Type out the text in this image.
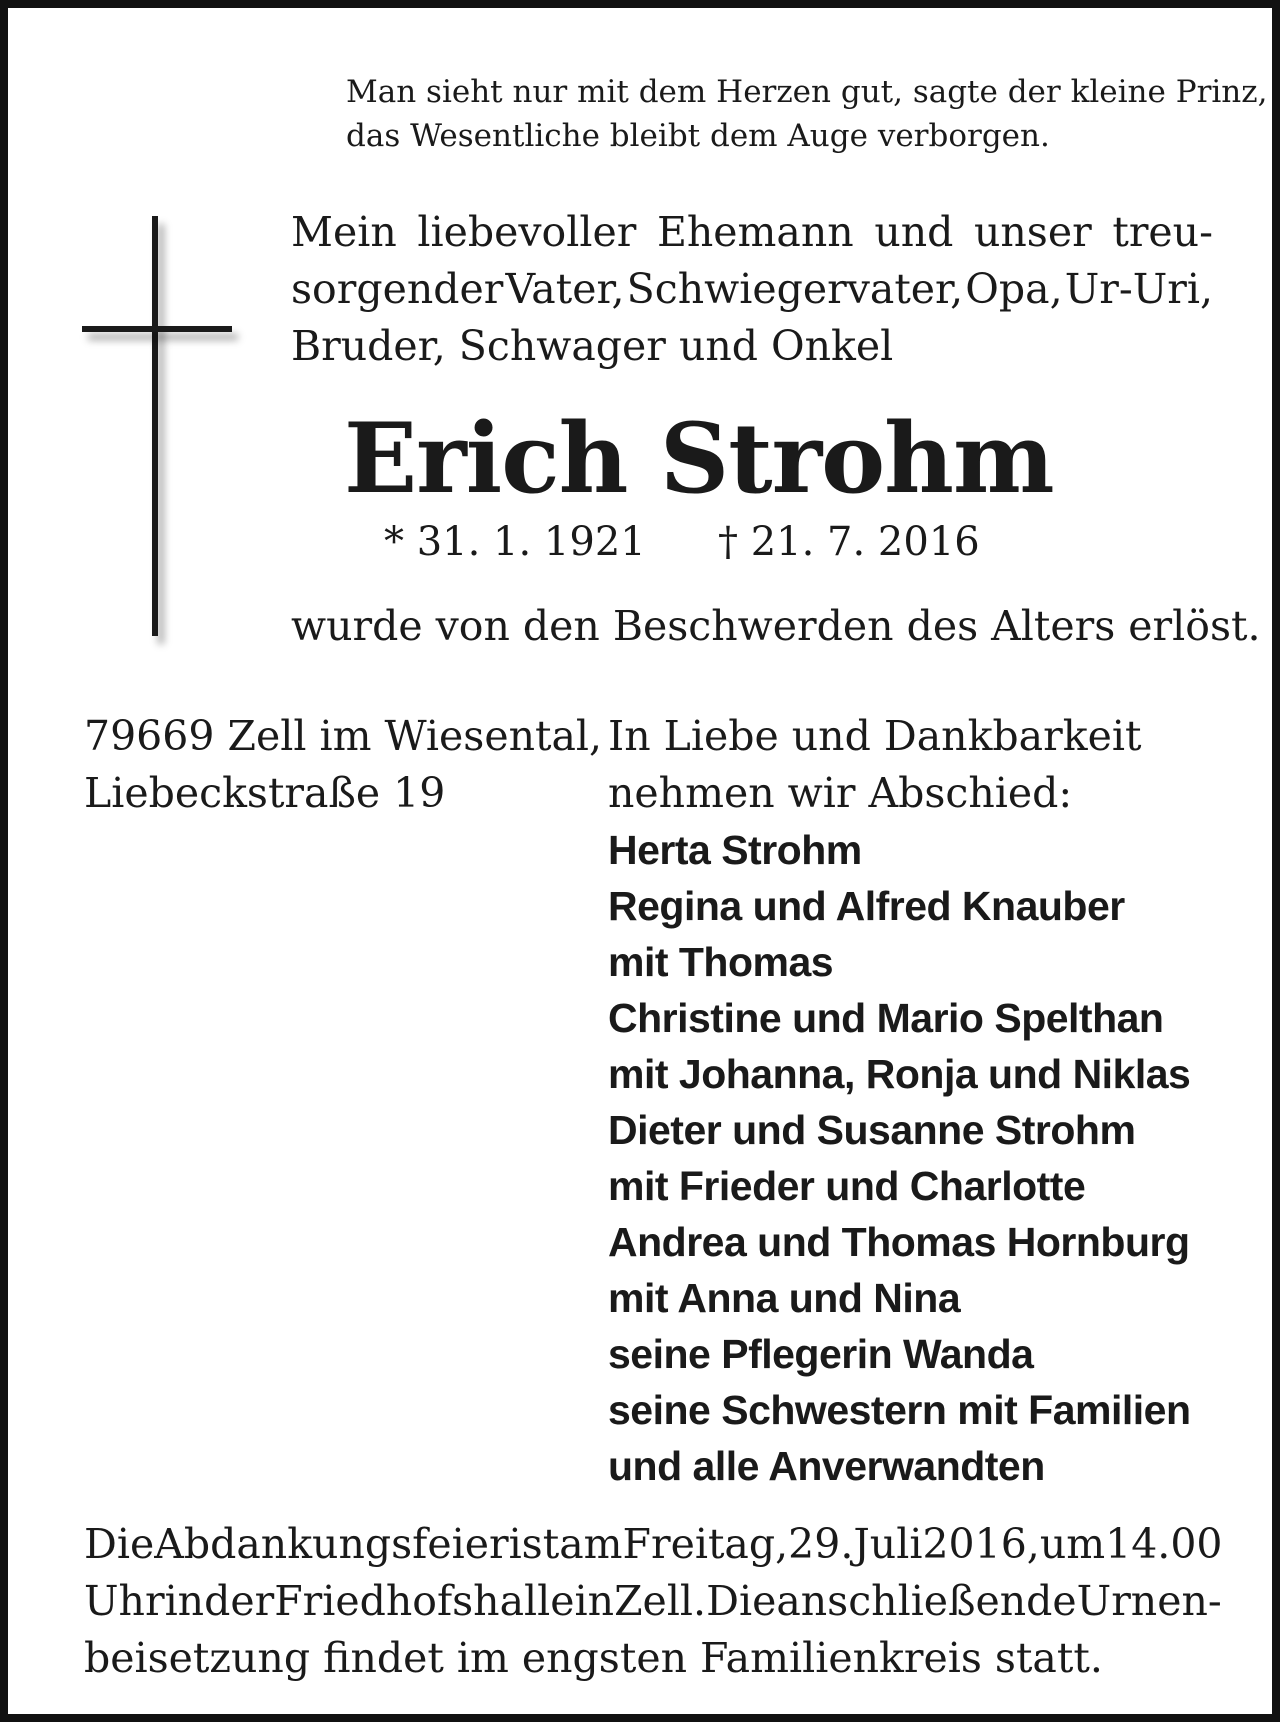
Man sieht nur mit dem Herzen gut, sagte der kleine Prinz,
das Wesentliche bleibt dem Auge verborgen.
Mein liebevoller Ehemann und unser treu-
sorgender Vater, Schwiegervater, Opa, Ur-Uri,
Bruder, Schwager und Onkel
Erich Strohm
* 31. 1. 1921 † 21. 7. 2016
wurde von den Beschwerden des Alters erlöst.
79669 Zell im Wiesental,
Liebeckstraße 19
In Liebe und Dankbarkeit
nehmen wir Abschied:
Herta Strohm
Regina und Alfred Knauber
mit Thomas
Christine und Mario Spelthan
mit Johanna, Ronja und Niklas
Dieter und Susanne Strohm
mit Frieder und Charlotte
Andrea und Thomas Hornburg
mit Anna und Nina
seine Pflegerin Wanda
seine Schwestern mit Familien
und alle Anverwandten
Die Abdankungsfeier ist am Freitag, 29. Juli 2016, um 14.00
Uhr in der Friedhofshalle in Zell. Die anschließende Urnen-
beisetzung findet im engsten Familienkreis statt.
